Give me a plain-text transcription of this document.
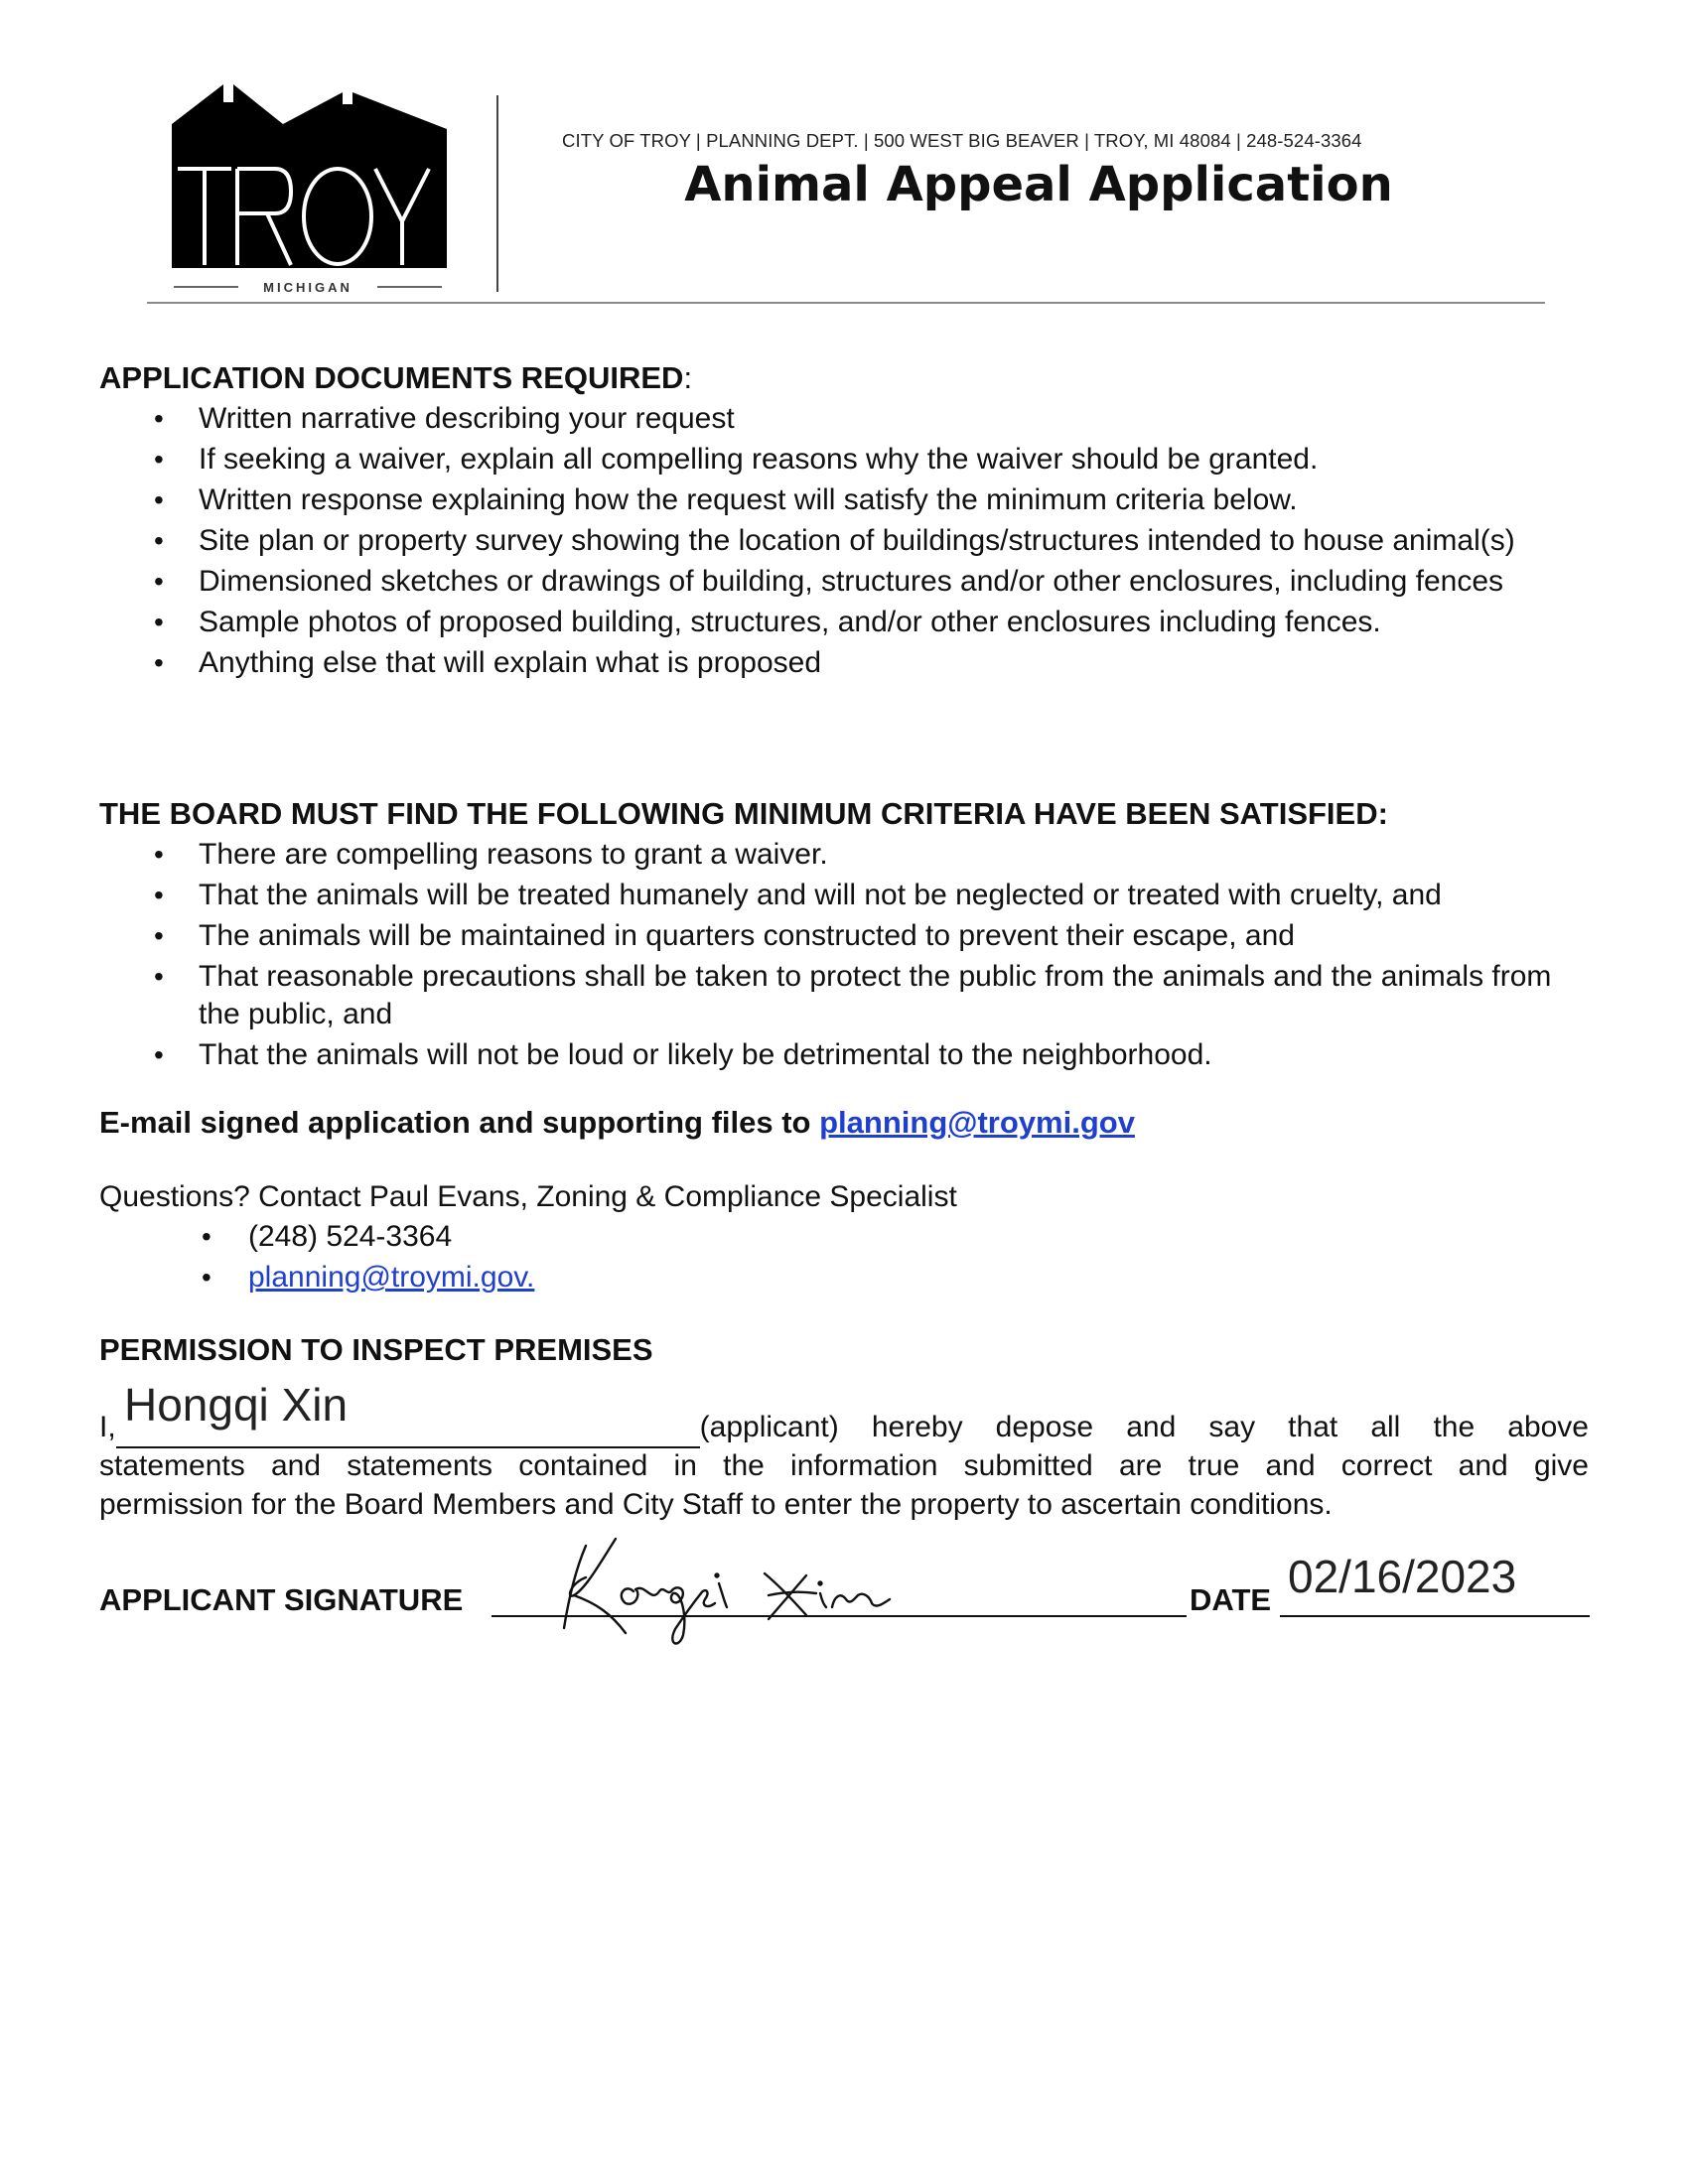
MICHIGAN
CITY OF TROY | PLANNING DEPT. | 500 WEST BIG BEAVER | TROY, MI 48084 | 248-524-3364
Animal Appeal Application
APPLICATION DOCUMENTS REQUIRED:
• Written narrative describing your request
• If seeking a waiver, explain all compelling reasons why the waiver should be granted.
• Written response explaining how the request will satisfy the minimum criteria below.
• Site plan or property survey showing the location of buildings/structures intended to house animal(s)
• Dimensioned sketches or drawings of building, structures and/or other enclosures, including fences
• Sample photos of proposed building, structures, and/or other enclosures including fences.
• Anything else that will explain what is proposed
THE BOARD MUST FIND THE FOLLOWING MINIMUM CRITERIA HAVE BEEN SATISFIED:
• There are compelling reasons to grant a waiver.
• That the animals will be treated humanely and will not be neglected or treated with cruelty, and
• The animals will be maintained in quarters constructed to prevent their escape, and
• That reasonable precautions shall be taken to protect the public from the animals and the animals from the public, and
• That the animals will not be loud or likely be detrimental to the neighborhood.
E-mail signed application and supporting files to planning@troymi.gov
Questions? Contact Paul Evans, Zoning & Compliance Specialist
• (248) 524-3364
• planning@troymi.gov.
PERMISSION TO INSPECT PREMISES
Hongqi Xin
I,	(applicant) hereby depose and say that all the above
statements and statements contained in the information submitted are true and correct and give
permission for the Board Members and City Staff to enter the property to ascertain conditions.
APPLICANT SIGNATURE	DATE 02/16/2023
